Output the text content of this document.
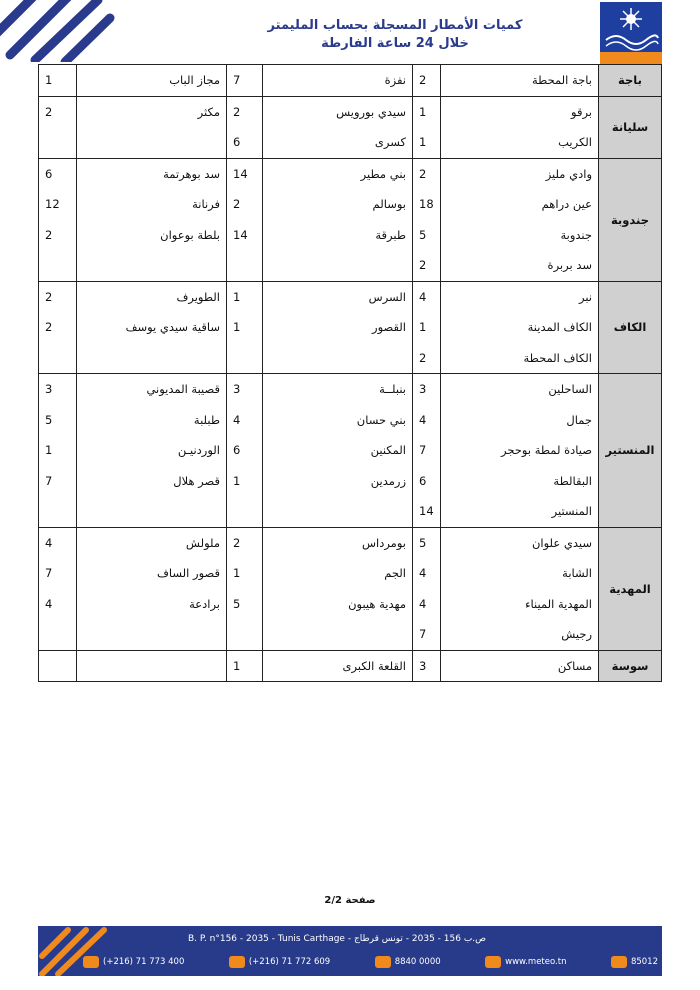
كميات الأمطار المسجلة بحساب المليمتر
خلال 24 ساعة الفارطة
باجة	باجة المحطة	2	نفزة	7	مجاز الباب	1
سليانة	برقو	1	سيدي بورويس	2	مكثر	2
	الكريب	1	كسرى	6		
جندوبة	وادي مليز	2	بني مطير	14	سد بوهرتمة	6
	عين دراهم	18	بوسالم	2	فرنانة	12
	جندوبة	5	طبرقة	14	بلطة بوعوان	2
	سد بربرة	2				
الكاف	نبر	4	السرس	1	الطويرف	2
	الكاف المدينة	1	القصور	1	ساقية سيدي يوسف	2
	الكاف المحطة	2				
المنستير	الساحلين	3	بنبلــة	3	قصيبة المديوني	3
	جمال	4	بني حسان	4	طبلبة	5
	صيادة لمطة بوحجر	7	المكنين	6	الوردنيـن	1
	البقالطة	6	زرمدين	1	قصر هلال	7
	المنستير	14				
المهدية	سيدي علوان	5	بومرداس	2	ملولش	4
	الشابة	4	الجم	1	قصور الساف	7
	المهدية الميناء	4	مهدية هيبون	5	برادعة	4
	رجيش	7				
سوسة	مساكن	3	القلعة الكبرى	1		
صفحة 2/2
B. P. n°156 - 2035 - Tunis Carthage - ص.ب 156 - 2035 - تونس قرطاج
(+216) 71 773 400	(+216) 71 772 609	8840 0000	www.meteo.tn	85012
